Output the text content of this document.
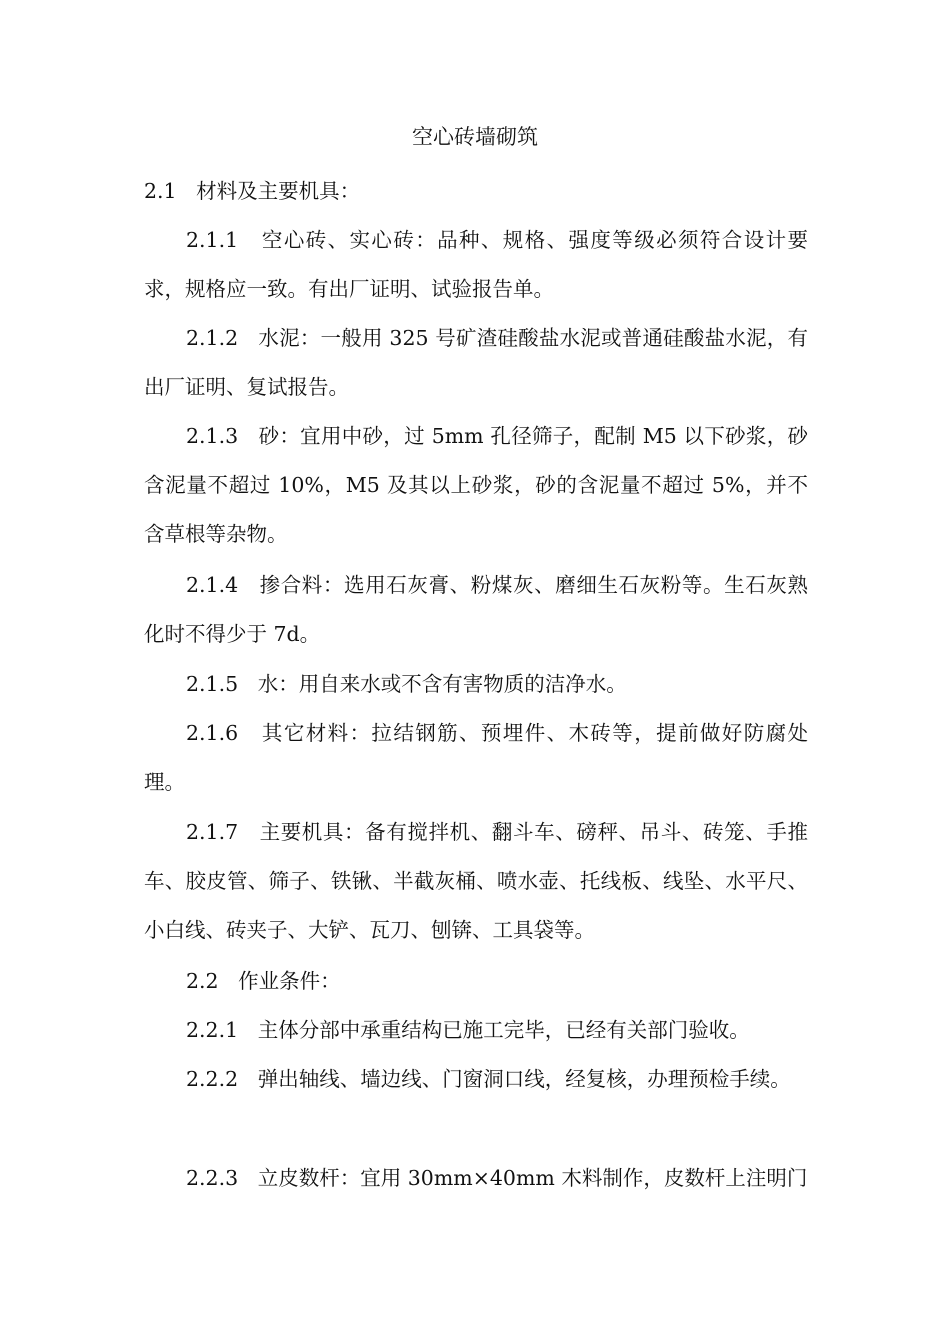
空心砖墙砌筑

2.1 材料及主要机具：

2.1.1 空心砖、实心砖：品种、规格、强度等级必须符合设计要求，规格应一致。有出厂证明、试验报告单。

2.1.2 水泥：一般用 325 号矿渣硅酸盐水泥或普通硅酸盐水泥，有出厂证明、复试报告。

2.1.3 砂：宜用中砂，过 5mm 孔径筛子，配制 M5 以下砂浆，砂含泥量不超过 10%，M5 及其以上砂浆，砂的含泥量不超过 5%，并不含草根等杂物。

2.1.4 掺合料：选用石灰膏、粉煤灰、磨细生石灰粉等。生石灰熟化时不得少于 7d。

2.1.5 水：用自来水或不含有害物质的洁净水。

2.1.6 其它材料：拉结钢筋、预埋件、木砖等，提前做好防腐处理。

2.1.7 主要机具：备有搅拌机、翻斗车、磅秤、吊斗、砖笼、手推车、胶皮管、筛子、铁锹、半截灰桶、喷水壶、托线板、线坠、水平尺、小白线、砖夹子、大铲、瓦刀、刨锛、工具袋等。

2.2 作业条件：

2.2.1 主体分部中承重结构已施工完毕，已经有关部门验收。

2.2.2 弹出轴线、墙边线、门窗洞口线，经复核，办理预检手续。

2.2.3 立皮数杆：宜用 30mm×40mm 木料制作，皮数杆上注明门
